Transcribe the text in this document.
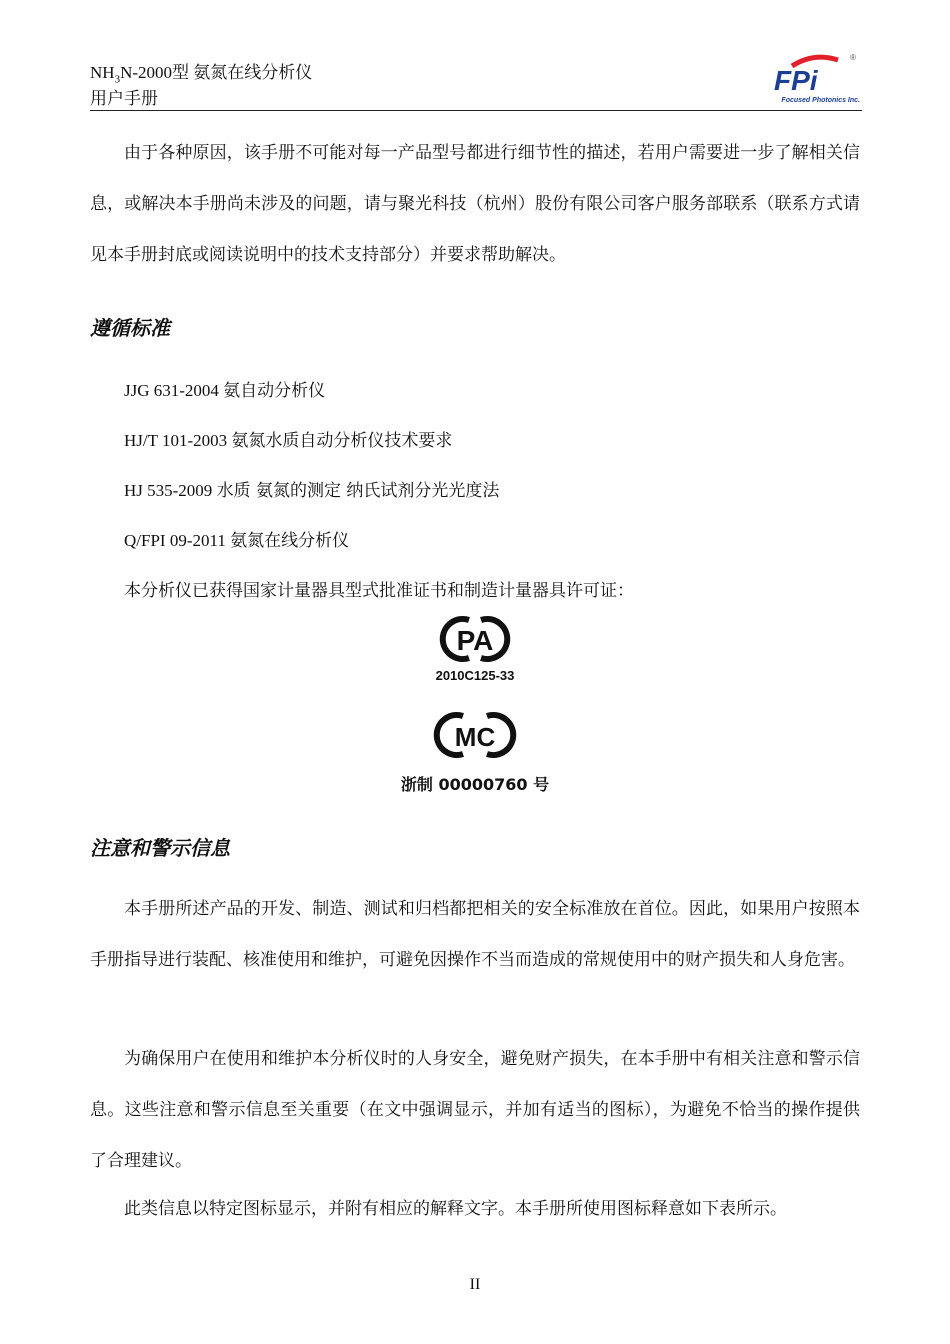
$NH_3N-2000$型 氨氮在线分析仪
用户手册
FPi
®
Focused Photonics Inc.
由于各种原因，该手册不可能对每一产品型号都进行细节性的描述，若用户需要进一步了解相关信息，或解决本手册尚未涉及的问题，请与聚光科技（杭州）股份有限公司客户服务部联系（联系方式请见本手册封底或阅读说明中的技术支持部分）并要求帮助解决。
遵循标准
JJG 631-2004 氨自动分析仪
HJ/T 101-2003 氨氮水质自动分析仪技术要求
HJ 535-2009 水质 氨氮的测定 纳氏试剂分光光度法
Q/FPI 09-2011 氨氮在线分析仪
本分析仪已获得国家计量器具型式批准证书和制造计量器具许可证：
PA
2010C125-33
MC
浙制 00000760 号
注意和警示信息
本手册所述产品的开发、制造、测试和归档都把相关的安全标准放在首位。因此，如果用户按照本手册指导进行装配、核准使用和维护，可避免因操作不当而造成的常规使用中的财产损失和人身危害。
为确保用户在使用和维护本分析仪时的人身安全，避免财产损失，在本手册中有相关注意和警示信息。这些注意和警示信息至关重要（在文中强调显示，并加有适当的图标），为避免不恰当的操作提供了合理建议。
此类信息以特定图标显示，并附有相应的解释文字。本手册所使用图标释意如下表所示。
II
